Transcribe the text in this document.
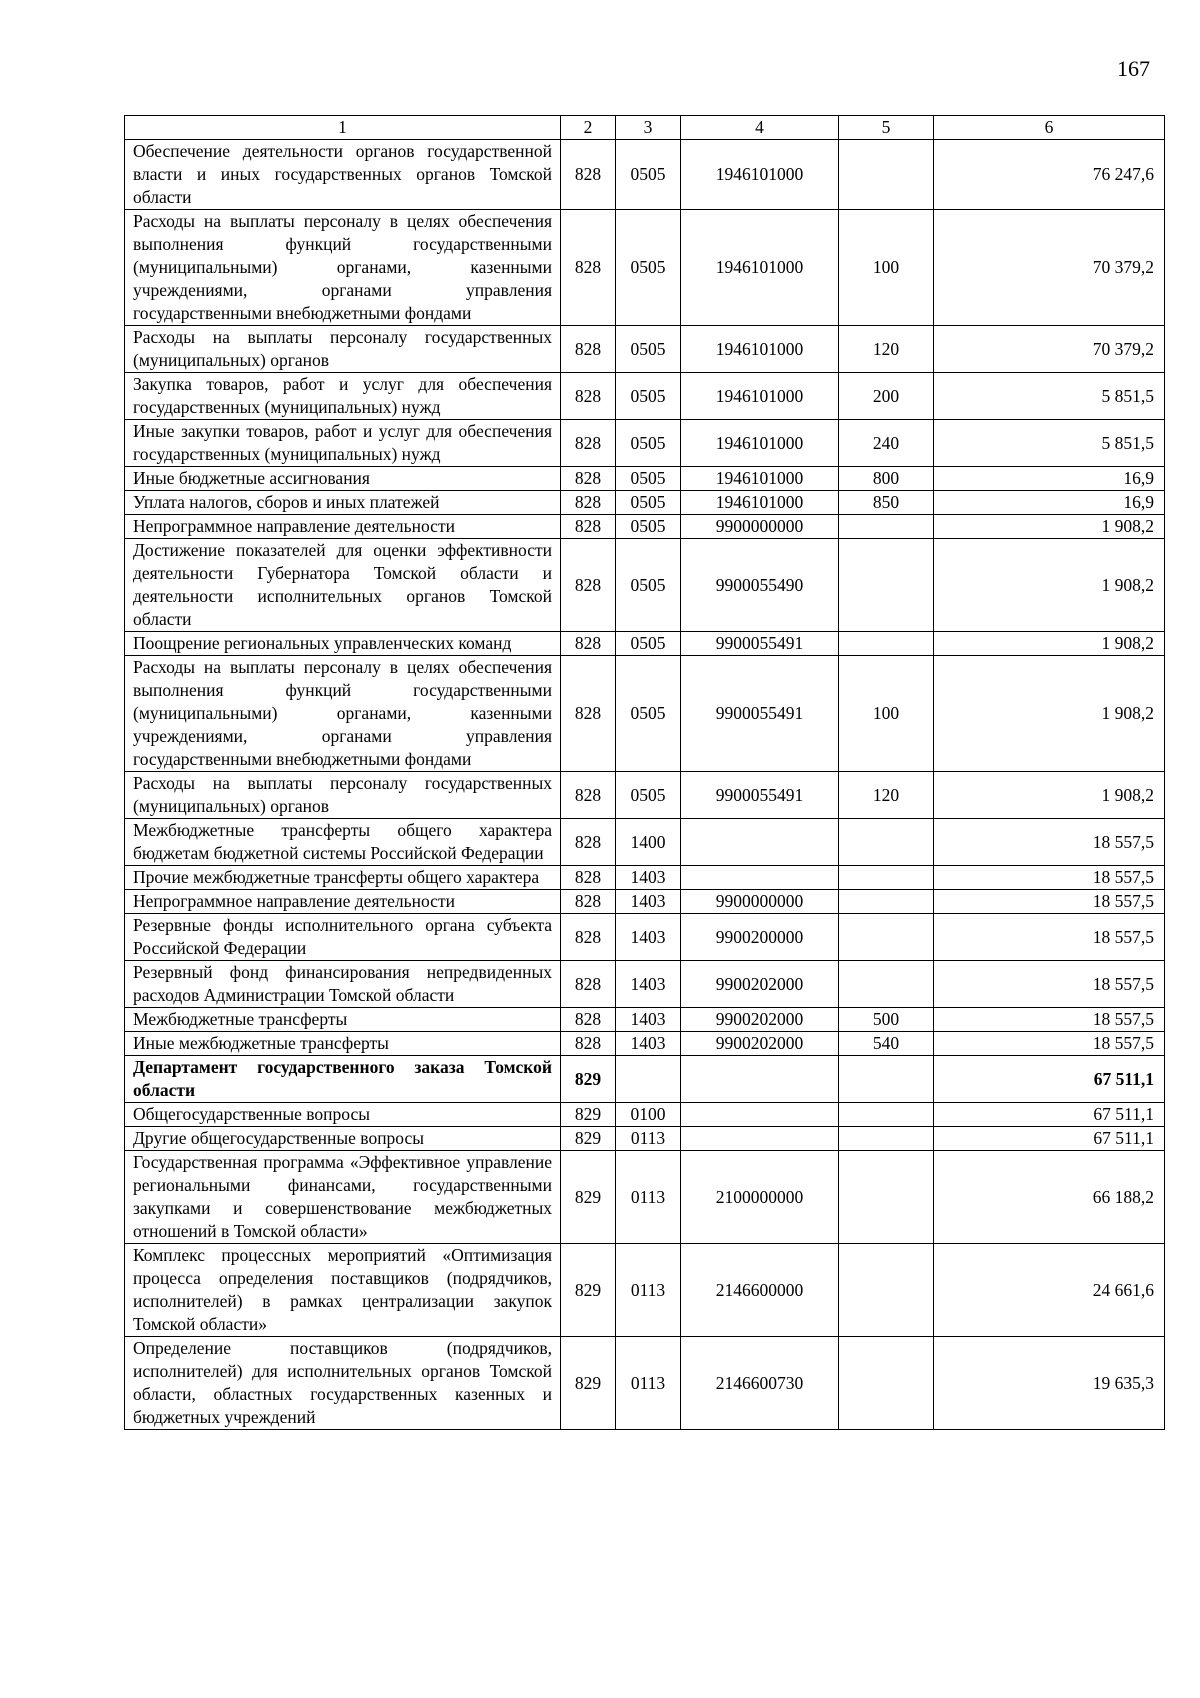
167
1	2	3	4	5	6
Обеспечение деятельности органов государственной власти и иных государственных органов Томской области	828	0505	1946101000		76 247,6
Расходы на выплаты персоналу в целях обеспечения выполнения функций государственными (муниципальными) органами, казенными учреждениями, органами управления государственными внебюджетными фондами	828	0505	1946101000	100	70 379,2
Расходы на выплаты персоналу государственных (муниципальных) органов	828	0505	1946101000	120	70 379,2
Закупка товаров, работ и услуг для обеспечения государственных (муниципальных) нужд	828	0505	1946101000	200	5 851,5
Иные закупки товаров, работ и услуг для обеспечения государственных (муниципальных) нужд	828	0505	1946101000	240	5 851,5
Иные бюджетные ассигнования	828	0505	1946101000	800	16,9
Уплата налогов, сборов и иных платежей	828	0505	1946101000	850	16,9
Непрограммное направление деятельности	828	0505	9900000000		1 908,2
Достижение показателей для оценки эффективности деятельности Губернатора Томской области и деятельности исполнительных органов Томской области	828	0505	9900055490		1 908,2
Поощрение региональных управленческих команд	828	0505	9900055491		1 908,2
Расходы на выплаты персоналу в целях обеспечения выполнения функций государственными (муниципальными) органами, казенными учреждениями, органами управления государственными внебюджетными фондами	828	0505	9900055491	100	1 908,2
Расходы на выплаты персоналу государственных (муниципальных) органов	828	0505	9900055491	120	1 908,2
Межбюджетные трансферты общего характера бюджетам бюджетной системы Российской Федерации	828	1400			18 557,5
Прочие межбюджетные трансферты общего характера	828	1403			18 557,5
Непрограммное направление деятельности	828	1403	9900000000		18 557,5
Резервные фонды исполнительного органа субъекта Российской Федерации	828	1403	9900200000		18 557,5
Резервный фонд финансирования непредвиденных расходов Администрации Томской области	828	1403	9900202000		18 557,5
Межбюджетные трансферты	828	1403	9900202000	500	18 557,5
Иные межбюджетные трансферты	828	1403	9900202000	540	18 557,5
Департамент государственного заказа Томской области	829				67 511,1
Общегосударственные вопросы	829	0100			67 511,1
Другие общегосударственные вопросы	829	0113			67 511,1
Государственная программа «Эффективное управление региональными финансами, государственными закупками и совершенствование межбюджетных отношений в Томской области»	829	0113	2100000000		66 188,2
Комплекс процессных мероприятий «Оптимизация процесса определения поставщиков (подрядчиков, исполнителей) в рамках централизации закупок Томской области»	829	0113	2146600000		24 661,6
Определение поставщиков (подрядчиков, исполнителей) для исполнительных органов Томской области, областных государственных казенных и бюджетных учреждений	829	0113	2146600730		19 635,3
